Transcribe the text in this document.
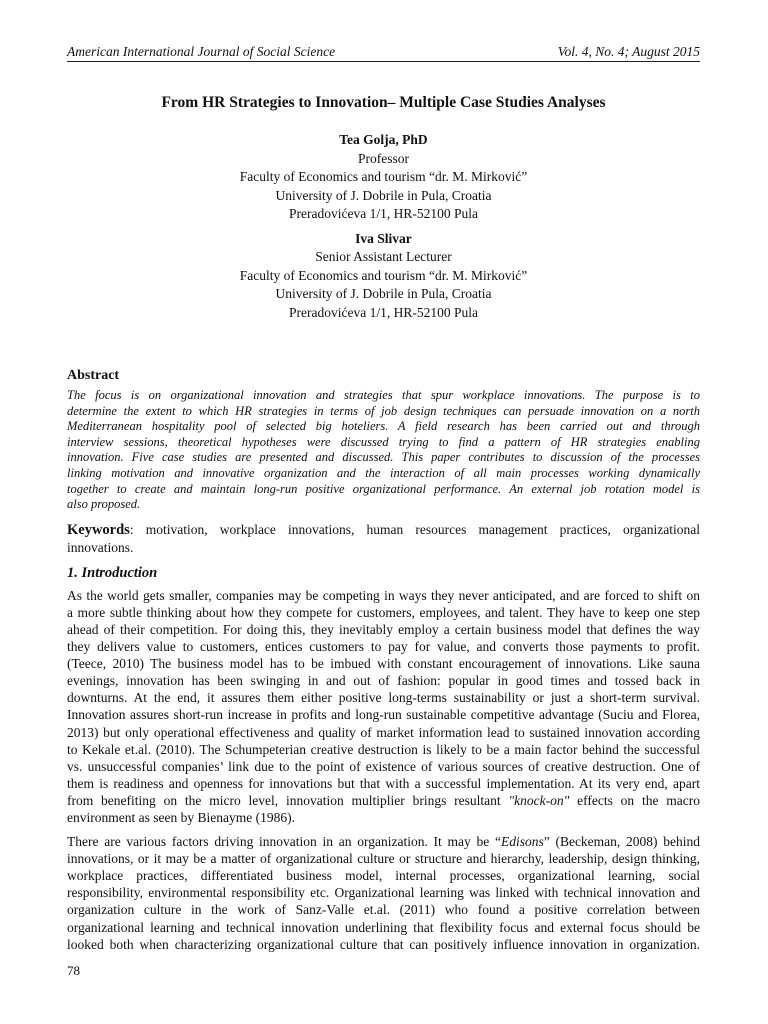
American International Journal of Social Science	Vol. 4, No. 4; August 2015
From HR Strategies to Innovation– Multiple Case Studies Analyses
Tea Golja, PhD
Professor
Faculty of Economics and tourism “dr. M. Mirković”
University of J. Dobrile in Pula, Croatia
Preradovićeva 1/1, HR-52100 Pula
Iva Slivar
Senior Assistant Lecturer
Faculty of Economics and tourism “dr. M. Mirković”
University of J. Dobrile in Pula, Croatia
Preradovićeva 1/1, HR-52100 Pula
Abstract
The focus is on organizational innovation and strategies that spur workplace innovations. The purpose is to
determine the extent to which HR strategies in terms of job design techniques can persuade innovation on a north
Mediterranean hospitality pool of selected big hoteliers. A field research has been carried out and through
interview sessions, theoretical hypotheses were discussed trying to find a pattern of HR strategies enabling
innovation. Five case studies are presented and discussed. This paper contributes to discussion of the processes
linking motivation and innovative organization and the interaction of all main processes working dynamically
together to create and maintain long-run positive organizational performance. An external job rotation model is
also proposed.
Keywords: motivation, workplace innovations, human resources management practices, organizational
innovations.
1. Introduction
As the world gets smaller, companies may be competing in ways they never anticipated, and are forced to shift on
a more subtle thinking about how they compete for customers, employees, and talent. They have to keep one step
ahead of their competition. For doing this, they inevitably employ a certain business model that defines the way
they delivers value to customers, entices customers to pay for value, and converts those payments to profit.
(Teece, 2010) The business model has to be imbued with constant encouragement of innovations. Like sauna
evenings, innovation has been swinging in and out of fashion: popular in good times and tossed back in
downturns. At the end, it assures them either positive long-terms sustainability or just a short-term survival.
Innovation assures short-run increase in profits and long-run sustainable competitive advantage (Suciu and Florea,
2013) but only operational effectiveness and quality of market information lead to sustained innovation according
to Kekale et.al. (2010). The Schumpeterian creative destruction is likely to be a main factor behind the successful
vs. unsuccessful companies’ link due to the point of existence of various sources of creative destruction. One of
them is readiness and openness for innovations but that with a successful implementation. At its very end, apart
from benefiting on the micro level, innovation multiplier brings resultant "knock-on" effects on the macro
environment as seen by Bienayme (1986).
There are various factors driving innovation in an organization. It may be “Edisons” (Beckeman, 2008) behind
innovations, or it may be a matter of organizational culture or structure and hierarchy, leadership, design thinking,
workplace practices, differentiated business model, internal processes, organizational learning, social
responsibility, environmental responsibility etc. Organizational learning was linked with technical innovation and
organization culture in the work of Sanz-Valle et.al. (2011) who found a positive correlation between
organizational learning and technical innovation underlining that flexibility focus and external focus should be
looked both when characterizing organizational culture that can positively influence innovation in organization.
78
